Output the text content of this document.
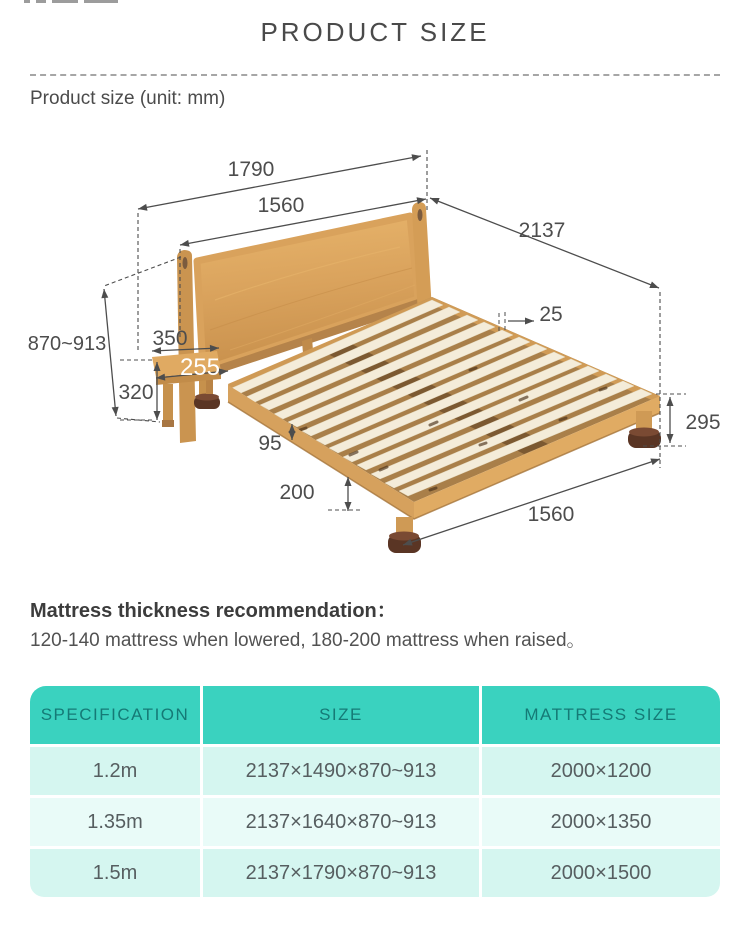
PRODUCT SIZE
Product size (unit: mm)
1790
1560
2137
25
870~913 350
255
320
95
200
295
1560
Mattress thickness recommendation：
120-140 mattress when lowered, 180-200 mattress when raised。
SPECIFICATION	SIZE	MATTRESS SIZE
1.2m	2137×1490×870~913	2000×1200
1.35m	2137×1640×870~913	2000×1350
1.5m	2137×1790×870~913	2000×1500
